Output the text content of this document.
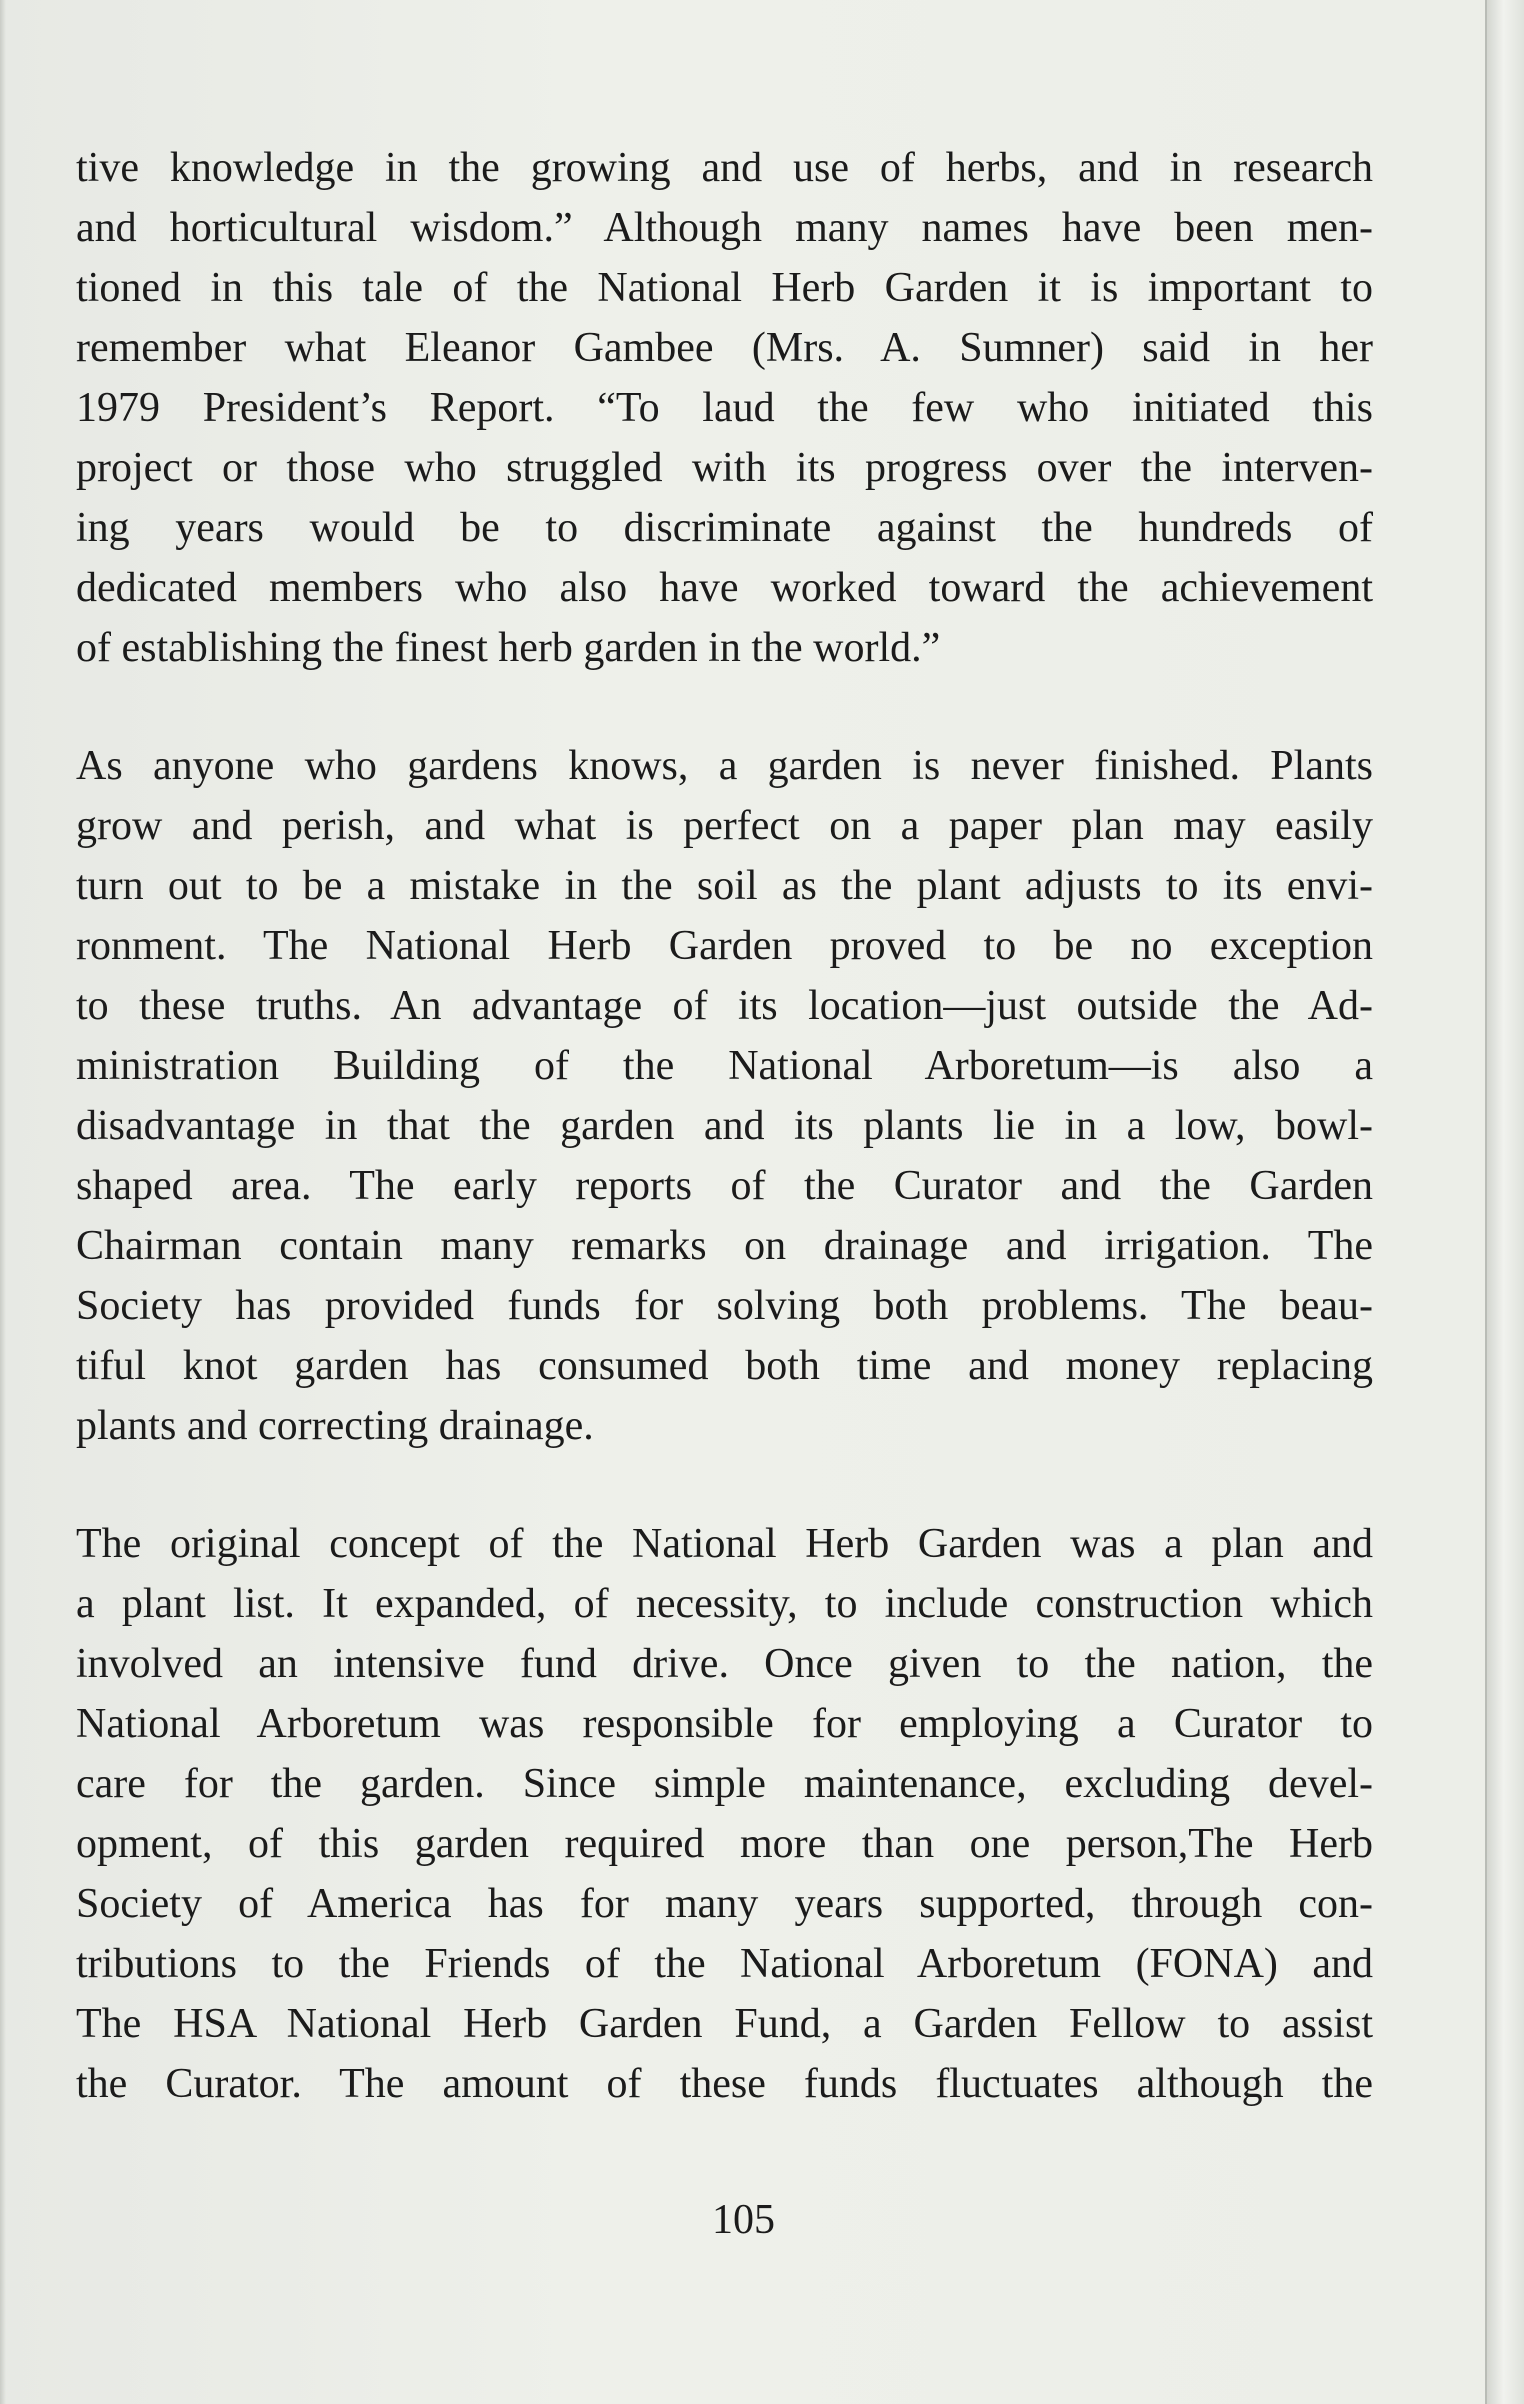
tive knowledge in the growing and use of herbs, and in research
and horticultural wisdom.” Although many names have been men-
tioned in this tale of the National Herb Garden it is important to
remember what Eleanor Gambee (Mrs. A. Sumner) said in her
1979 President’s Report. “To laud the few who initiated this
project or those who struggled with its progress over the interven-
ing years would be to discriminate against the hundreds of
dedicated members who also have worked toward the achievement
of establishing the finest herb garden in the world.”
As anyone who gardens knows, a garden is never finished. Plants
grow and perish, and what is perfect on a paper plan may easily
turn out to be a mistake in the soil as the plant adjusts to its envi-
ronment. The National Herb Garden proved to be no exception
to these truths. An advantage of its location—just outside the Ad-
ministration Building of the National Arboretum—is also a
disadvantage in that the garden and its plants lie in a low, bowl-
shaped area. The early reports of the Curator and the Garden
Chairman contain many remarks on drainage and irrigation. The
Society has provided funds for solving both problems. The beau-
tiful knot garden has consumed both time and money replacing
plants and correcting drainage.
The original concept of the National Herb Garden was a plan and
a plant list. It expanded, of necessity, to include construction which
involved an intensive fund drive. Once given to the nation, the
National Arboretum was responsible for employing a Curator to
care for the garden. Since simple maintenance, excluding devel-
opment, of this garden required more than one person,The Herb
Society of America has for many years supported, through con-
tributions to the Friends of the National Arboretum (FONA) and
The HSA National Herb Garden Fund, a Garden Fellow to assist
the Curator. The amount of these funds fluctuates although the
105
